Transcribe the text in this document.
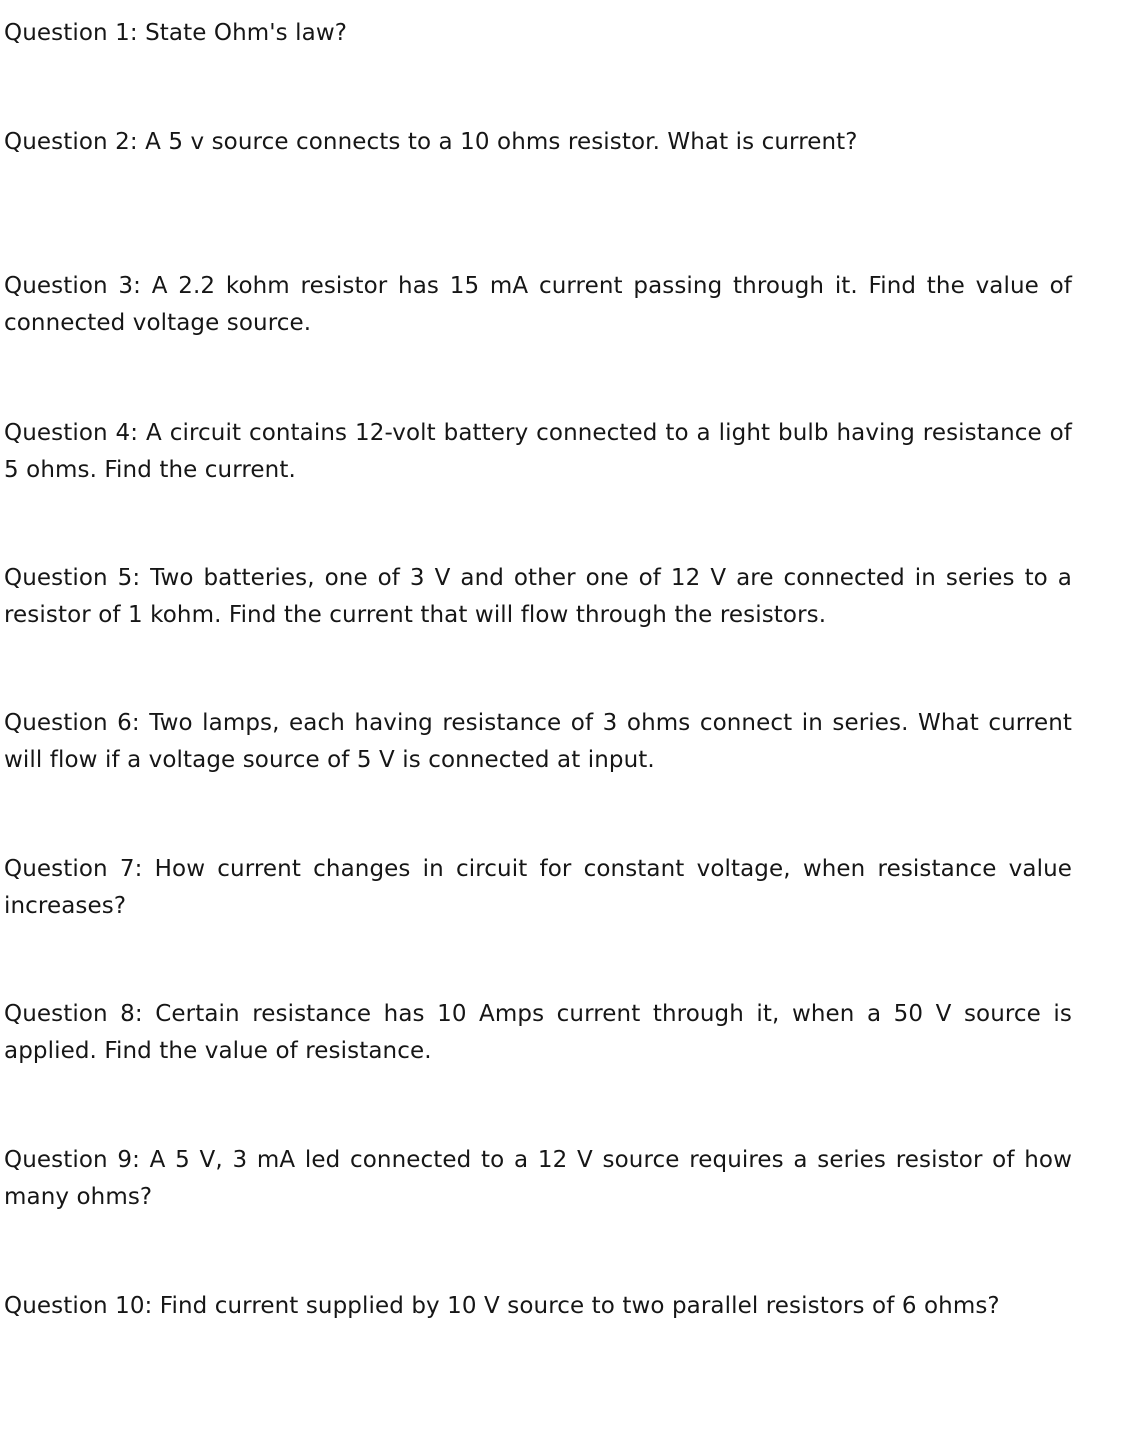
Question 1: State Ohm's law?

Question 2: A 5 v source connects to a 10 ohms resistor. What is current?

Question 3: A 2.2 kohm resistor has 15 mA current passing through it. Find the value of connected voltage source.

Question 4: A circuit contains 12-volt battery connected to a light bulb having resistance of 5 ohms. Find the current.

Question 5: Two batteries, one of 3 V and other one of 12 V are connected in series to a resistor of 1 kohm. Find the current that will flow through the resistors.

Question 6: Two lamps, each having resistance of 3 ohms connect in series. What current will flow if a voltage source of 5 V is connected at input.

Question 7: How current changes in circuit for constant voltage, when resistance value increases?

Question 8: Certain resistance has 10 Amps current through it, when a 50 V source is applied. Find the value of resistance.

Question 9: A 5 V, 3 mA led connected to a 12 V source requires a series resistor of how many ohms?

Question 10: Find current supplied by 10 V source to two parallel resistors of 6 ohms?
